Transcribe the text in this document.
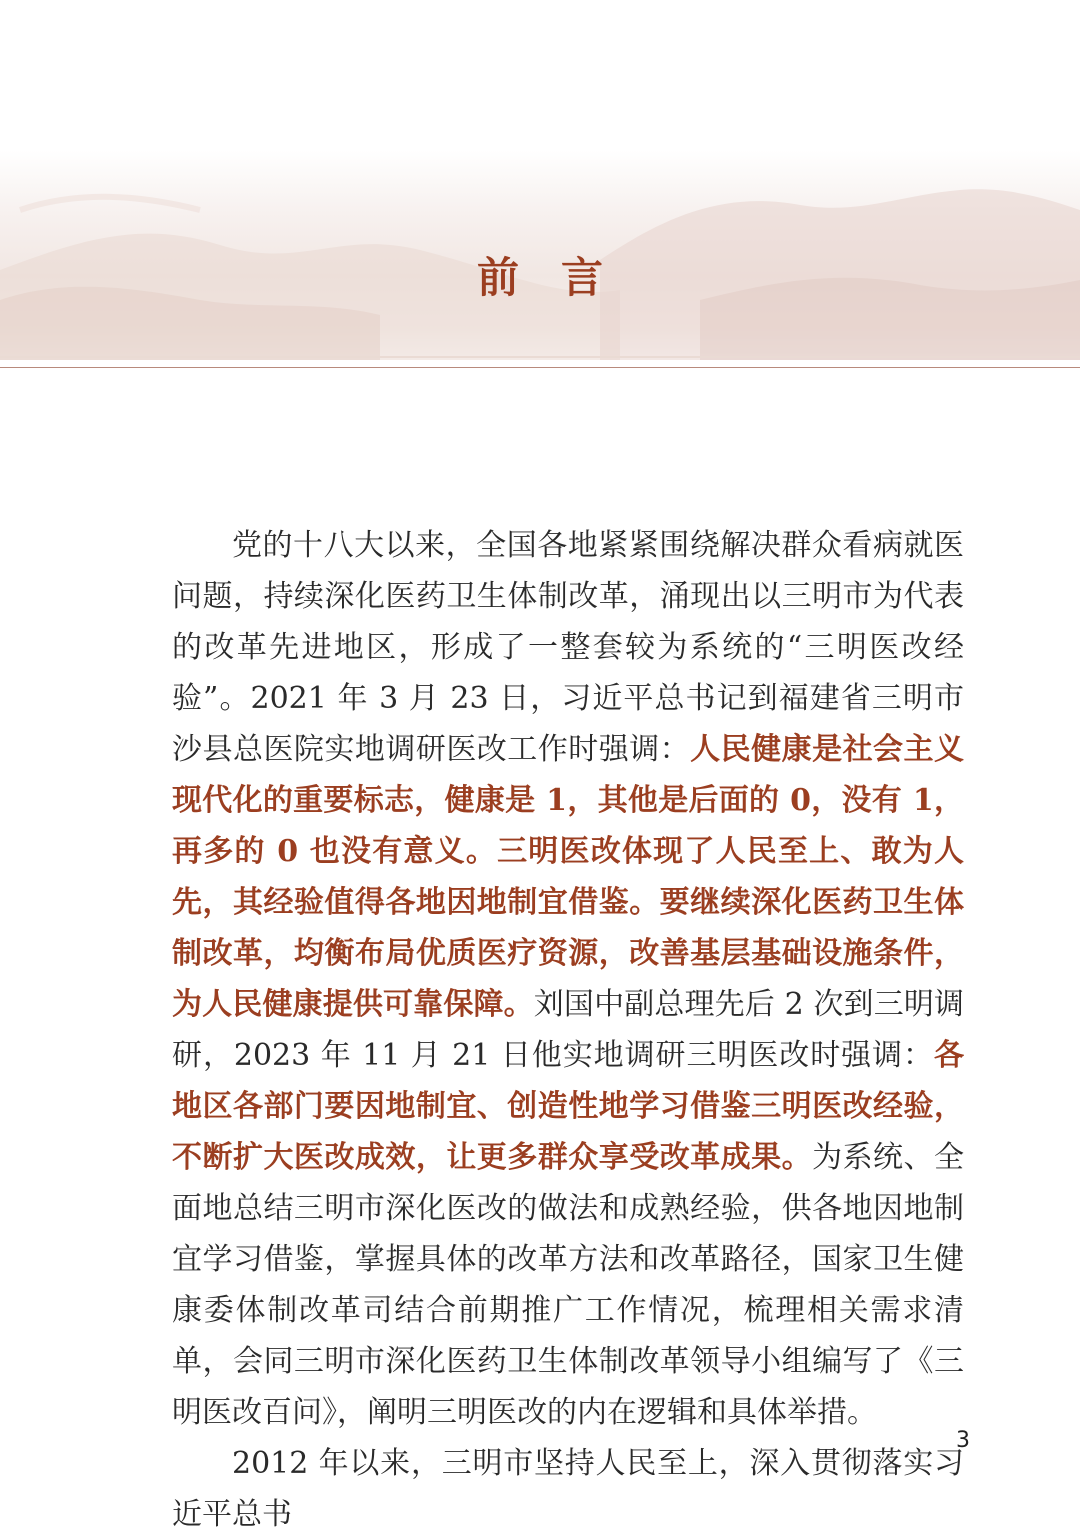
前言

党的十八大以来，全国各地紧紧围绕解决群众看病就医问题，持续深化医药卫生体制改革，涌现出以三明市为代表的改革先进地区，形成了一整套较为系统的“三明医改经验”。2021 年 3 月 23 日，习近平总书记到福建省三明市沙县总医院实地调研医改工作时强调：人民健康是社会主义现代化的重要标志，健康是 1，其他是后面的 0，没有 1，再多的 0 也没有意义。三明医改体现了人民至上、敢为人先，其经验值得各地因地制宜借鉴。要继续深化医药卫生体制改革，均衡布局优质医疗资源，改善基层基础设施条件，为人民健康提供可靠保障。刘国中副总理先后 2 次到三明调研，2023 年 11 月 21 日他实地调研三明医改时强调：各地区各部门要因地制宜、创造性地学习借鉴三明医改经验，不断扩大医改成效，让更多群众享受改革成果。为系统、全面地总结三明市深化医改的做法和成熟经验，供各地因地制宜学习借鉴，掌握具体的改革方法和改革路径，国家卫生健康委体制改革司结合前期推广工作情况，梳理相关需求清单，会同三明市深化医药卫生体制改革领导小组编写了《三明医改百问》，阐明三明医改的内在逻辑和具体举措。

2012 年以来，三明市坚持人民至上，深入贯彻落实习近平总书

3
